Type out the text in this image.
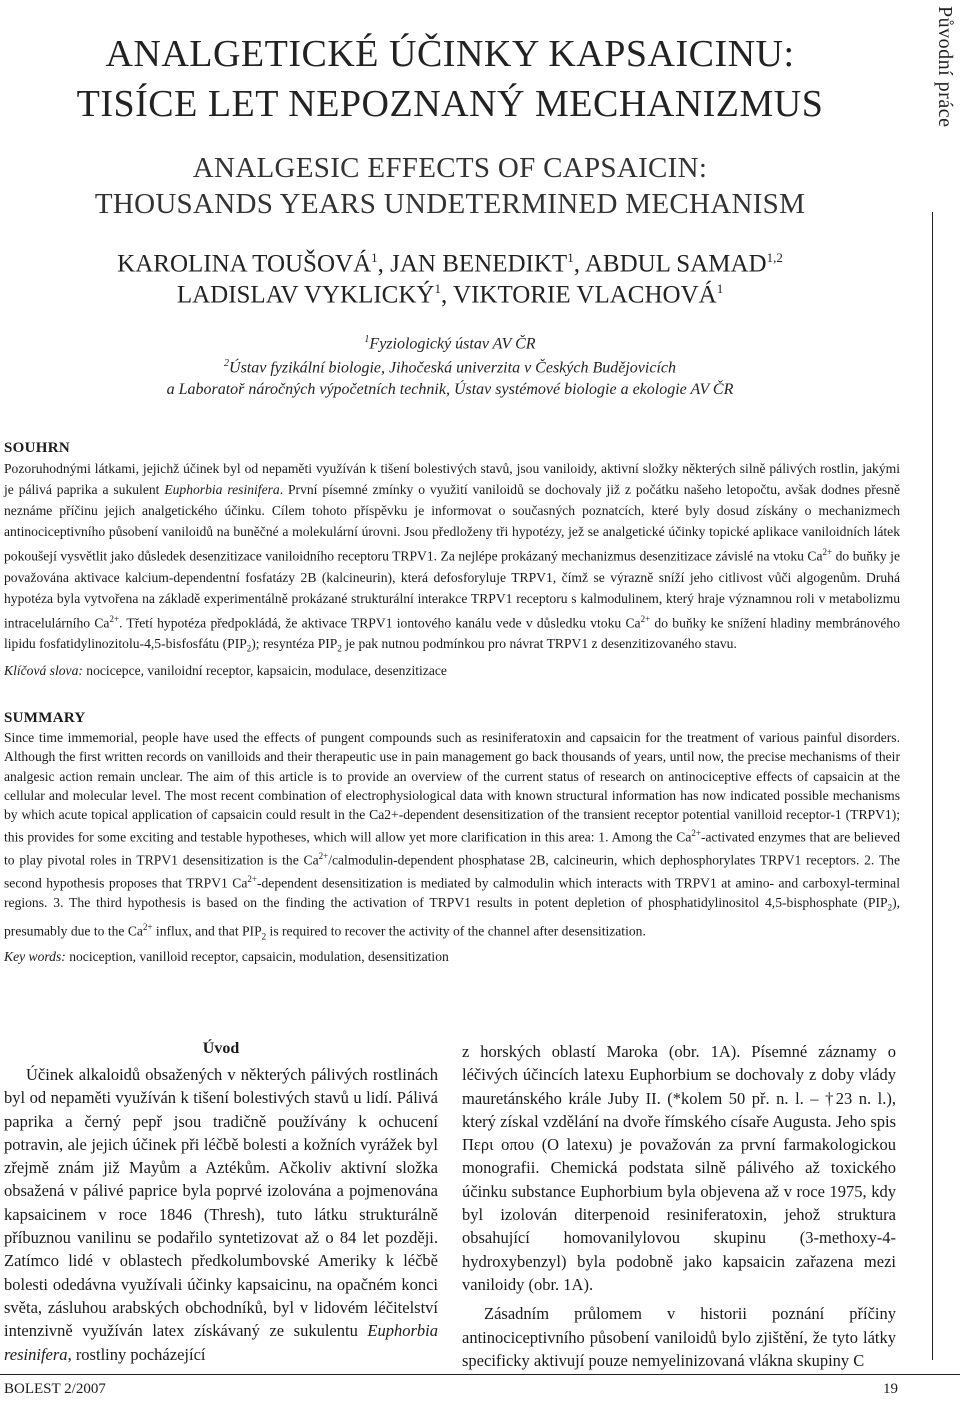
Původní práce
ANALGETICKÉ ÚČINKY KAPSAICINU:
TISÍCE LET NEPOZNANÝ MECHANIZMUS
ANALGESIC EFFECTS OF CAPSAICIN:
THOUSANDS YEARS UNDETERMINED MECHANISM
KAROLINA TOUŠOVÁ$^1$, JAN BENEDIKT$^1$, ABDUL SAMAD$^{1,2}$
LADISLAV VYKLICKÝ$^1$, VIKTORIE VLACHOVÁ$^1$
$^1$Fyziologický ústav AV ČR
$^2$Ústav fyzikální biologie, Jihočeská univerzita v Českých Budějovicích
a Laboratoř náročných výpočetních technik, Ústav systémové biologie a ekologie AV ČR
SOUHRN
Pozoruhodnými látkami, jejichž účinek byl od nepaměti využíván k tišení bolestivých stavů, jsou vaniloidy, aktivní složky některých silně pálivých rostlin, jakými je pálivá paprika a sukulent Euphorbia resinifera. První písemné zmínky o využití vaniloidů se dochovaly již z počátku našeho letopočtu, avšak dodnes přesně neznáme příčinu jejich analgetického účinku. Cílem tohoto příspěvku je informovat o současných poznatcích, které byly dosud získány o mechanizmech antinociceptivního působení vaniloidů na buněčné a molekulární úrovni. Jsou předloženy tři hypotézy, jež se analgetické účinky topické aplikace vaniloidních látek pokoušejí vysvětlit jako důsledek desenzitizace vaniloidního receptoru TRPV1. Za nejlépe prokázaný mechanizmus desenzitizace závislé na vtoku $Ca^{2+}$ do buňky je považována aktivace kalcium-dependentní fosfatázy 2B (kalcineurin), která defosforyluje TRPV1, čímž se výrazně sníží jeho citlivost vůči algogenům. Druhá hypotéza byla vytvořena na základě experimentálně prokázané strukturální interakce TRPV1 receptoru s kalmodulinem, který hraje významnou roli v metabolizmu intracelulárního $Ca^{2+}$. Třetí hypotéza předpokládá, že aktivace TRPV1 iontového kanálu vede v důsledku vtoku $Ca^{2+}$ do buňky ke snížení hladiny membránového lipidu fosfatidylinozitolu-4,5-bisfosfátu $(PIP_2)$; resyntéza $PIP_2$ je pak nutnou podmínkou pro návrat TRPV1 z desenzitizovaného stavu.
Klíčová slova: nocicepce, vaniloidní receptor, kapsaicin, modulace, desenzitizace
SUMMARY
Since time immemorial, people have used the effects of pungent compounds such as resiniferatoxin and capsaicin for the treatment of various painful disorders. Although the first written records on vanilloids and their therapeutic use in pain management go back thousands of years, until now, the precise mechanisms of their analgesic action remain unclear. The aim of this article is to provide an overview of the current status of research on antinociceptive effects of capsaicin at the cellular and molecular level. The most recent combination of electrophysiological data with known structural information has now indicated possible mechanisms by which acute topical application of capsaicin could result in the Ca2+-dependent desensitization of the transient receptor potential vanilloid receptor-1 (TRPV1); this provides for some exciting and testable hypotheses, which will allow yet more clarification in this area: 1. Among the $Ca^{2+}$-activated enzymes that are believed to play pivotal roles in TRPV1 desensitization is the $Ca^{2+}/calmodulin$-dependent phosphatase 2B, calcineurin, which dephosphorylates TRPV1 receptors. 2. The second hypothesis proposes that TRPV1 $Ca^{2+}$-dependent desensitization is mediated by calmodulin which interacts with TRPV1 at amino- and carboxyl-terminal regions. 3. The third hypothesis is based on the finding the activation of TRPV1 results in potent depletion of phosphatidylinositol 4,5-bisphosphate $(PIP_2)$, presumably due to the $Ca^{2+}$ influx, and that $PIP_2$ is required to recover the activity of the channel after desensitization.
Key words: nociception, vanilloid receptor, capsaicin, modulation, desensitization
Úvod

Účinek alkaloidů obsažených v některých pálivých rostlinách byl od nepaměti využíván k tišení bolestivých stavů u lidí. Pálivá paprika a černý pepř jsou tradičně používány k ochucení potravin, ale jejich účinek při léčbě bolesti a kožních vyrážek byl zřejmě znám již Mayům a Aztékům. Ačkoliv aktivní složka obsažená v pálivé paprice byla poprvé izolována a pojmenována kapsaicinem v roce 1846 (Thresh), tuto látku strukturálně příbuznou vanilinu se podařilo syntetizovat až o 84 let později. Zatímco lidé v oblastech předkolumbovské Ameriky k léčbě bolesti odedávna využívali účinky kapsaicinu, na opačném konci světa, zásluhou arabských obchodníků, byl v lidovém léčitelství intenzivně využíván latex získávaný ze sukulentu Euphorbia resinifera, rostliny pocházející

z horských oblastí Maroka (obr. 1A). Písemné záznamy o léčivých účincích latexu Euphorbium se dochovaly z doby vlády mauretánského krále Juby II. (*kolem 50 př. n. l. – †23 n. l.), který získal vzdělání na dvoře římského císaře Augusta. Jeho spis Περι οπου (O latexu) je považován za první farmakologickou monografii. Chemická podstata silně pálivého až toxického účinku substance Euphorbium byla objevena až v roce 1975, kdy byl izolován diterpenoid resiniferatoxin, jehož struktura obsahující homovanilylovou skupinu (3-methoxy-4-hydroxybenzyl) byla podobně jako kapsaicin zařazena mezi vaniloidy (obr. 1A).

Zásadním průlomem v historii poznání příčiny antinociceptivního působení vaniloidů bylo zjištění, že tyto látky specificky aktivují pouze nemyelinizovaná vlákna skupiny C

BOLEST 2/2007	19
